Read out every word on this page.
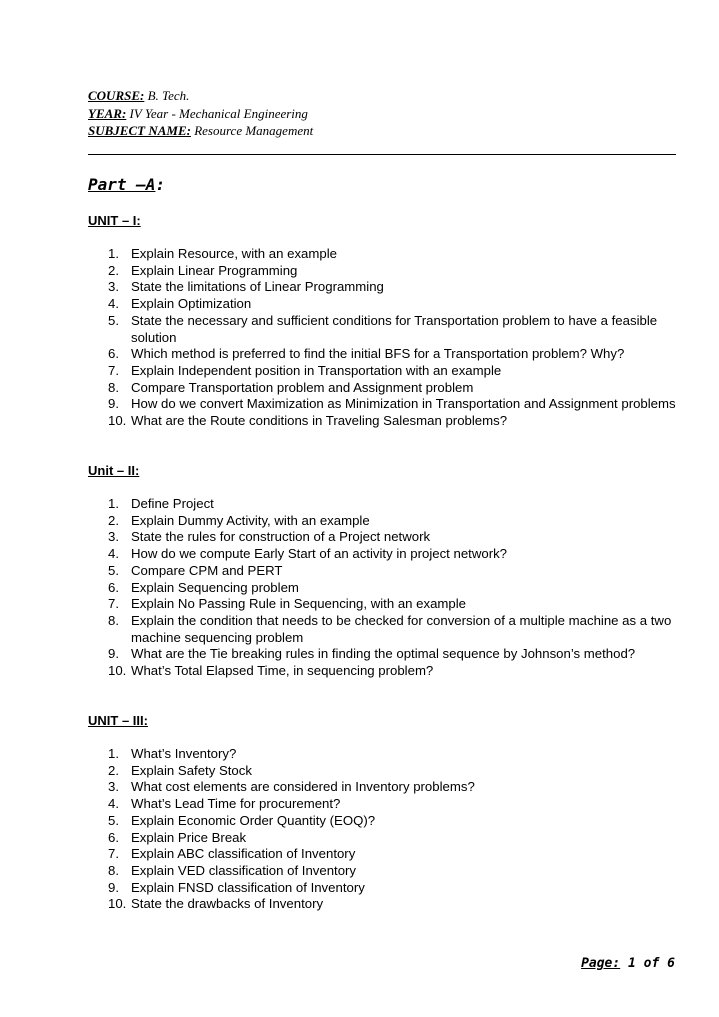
COURSE: B. Tech.
YEAR: IV Year - Mechanical Engineering
SUBJECT NAME: Resource Management
Part –A:
UNIT – I:
1. Explain Resource, with an example
2. Explain Linear Programming
3. State the limitations of Linear Programming
4. Explain Optimization
5. State the necessary and sufficient conditions for Transportation problem to have a feasible solution
6. Which method is preferred to find the initial BFS for a Transportation problem? Why?
7. Explain Independent position in Transportation with an example
8. Compare Transportation problem and Assignment problem
9. How do we convert Maximization as Minimization in Transportation and Assignment problems
10. What are the Route conditions in Traveling Salesman problems?
Unit – II:
1. Define Project
2. Explain Dummy Activity, with an example
3. State the rules for construction of a Project network
4. How do we compute Early Start of an activity in project network?
5. Compare CPM and PERT
6. Explain Sequencing problem
7. Explain No Passing Rule in Sequencing, with an example
8. Explain the condition that needs to be checked for conversion of a multiple machine as a two machine sequencing problem
9. What are the Tie breaking rules in finding the optimal sequence by Johnson’s method?
10. What’s Total Elapsed Time, in sequencing problem?
UNIT – III:
1. What’s Inventory?
2. Explain Safety Stock
3. What cost elements are considered in Inventory problems?
4. What’s Lead Time for procurement?
5. Explain Economic Order Quantity (EOQ)?
6. Explain Price Break
7. Explain ABC classification of Inventory
8. Explain VED classification of Inventory
9. Explain FNSD classification of Inventory
10. State the drawbacks of Inventory
Page: 1 of 6
